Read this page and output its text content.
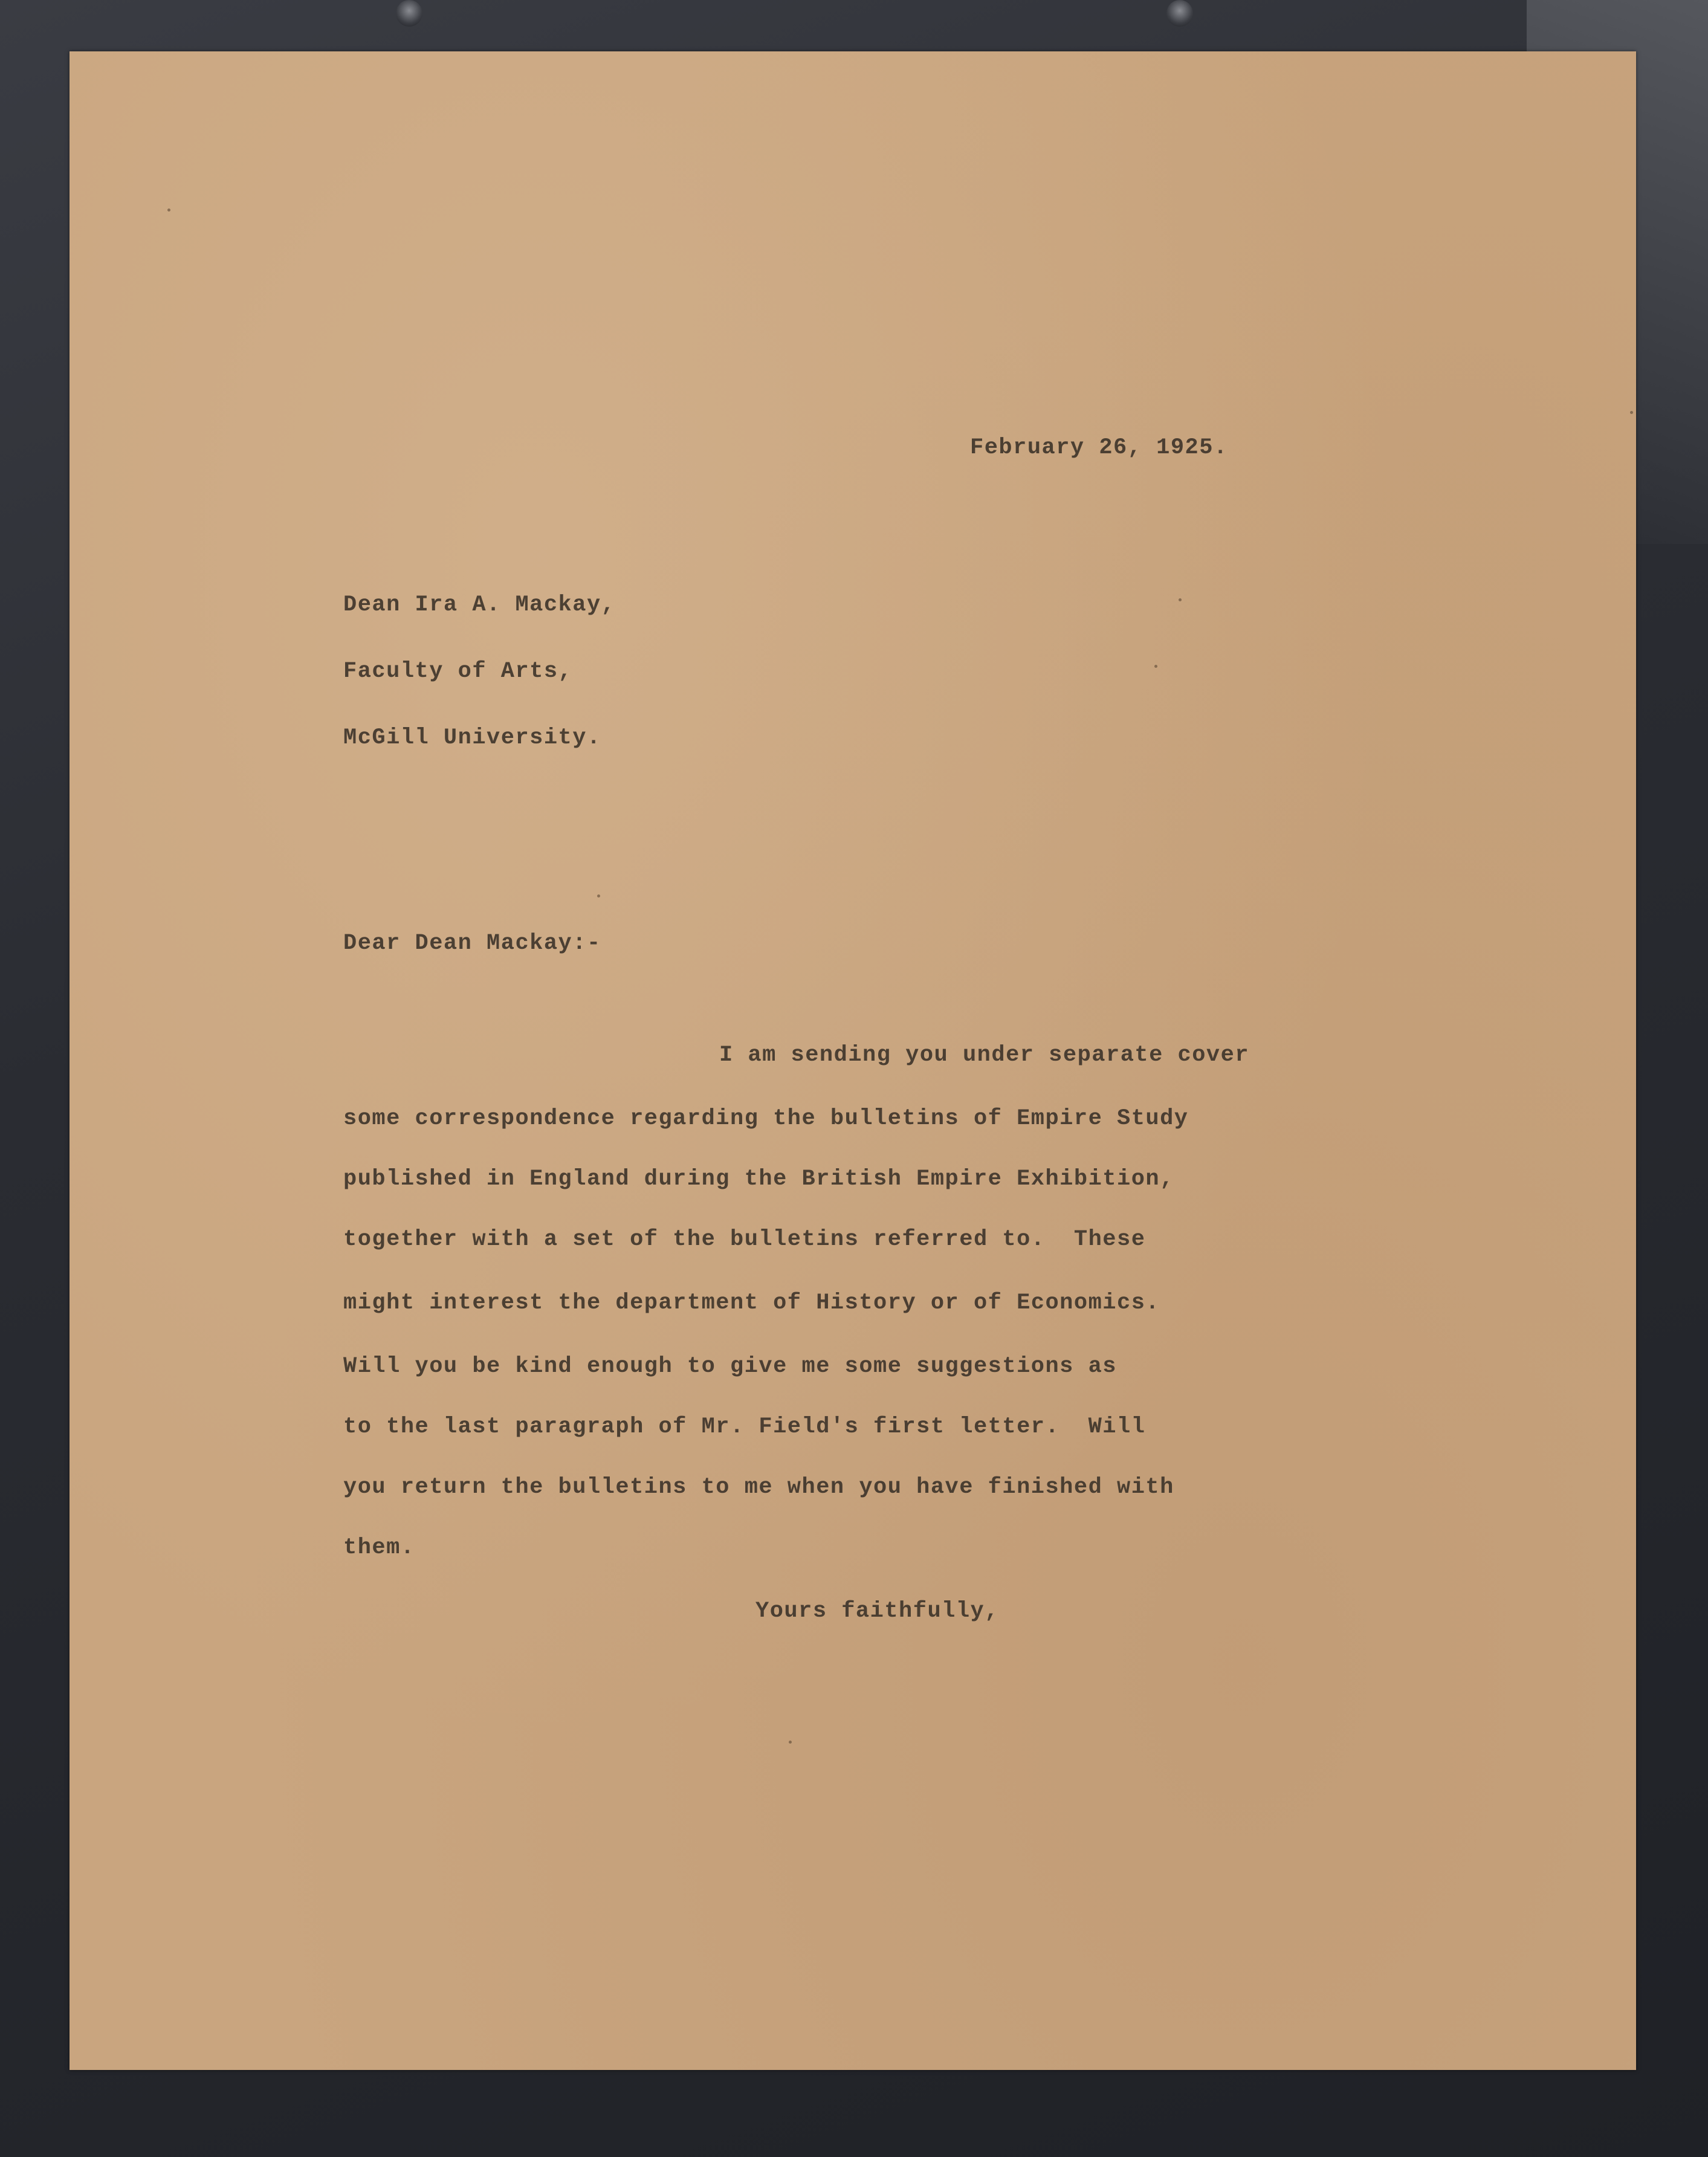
February 26, 1925.
Dean Ira A. Mackay,
Faculty of Arts,
McGill University.
Dear Dean Mackay:-
I am sending you under separate cover
some correspondence regarding the bulletins of Empire Study
published in England during the British Empire Exhibition,
together with a set of the bulletins referred to.  These
might interest the department of History or of Economics.
Will you be kind enough to give me some suggestions as
to the last paragraph of Mr. Field's first letter.  Will
you return the bulletins to me when you have finished with
them.
Yours faithfully,
